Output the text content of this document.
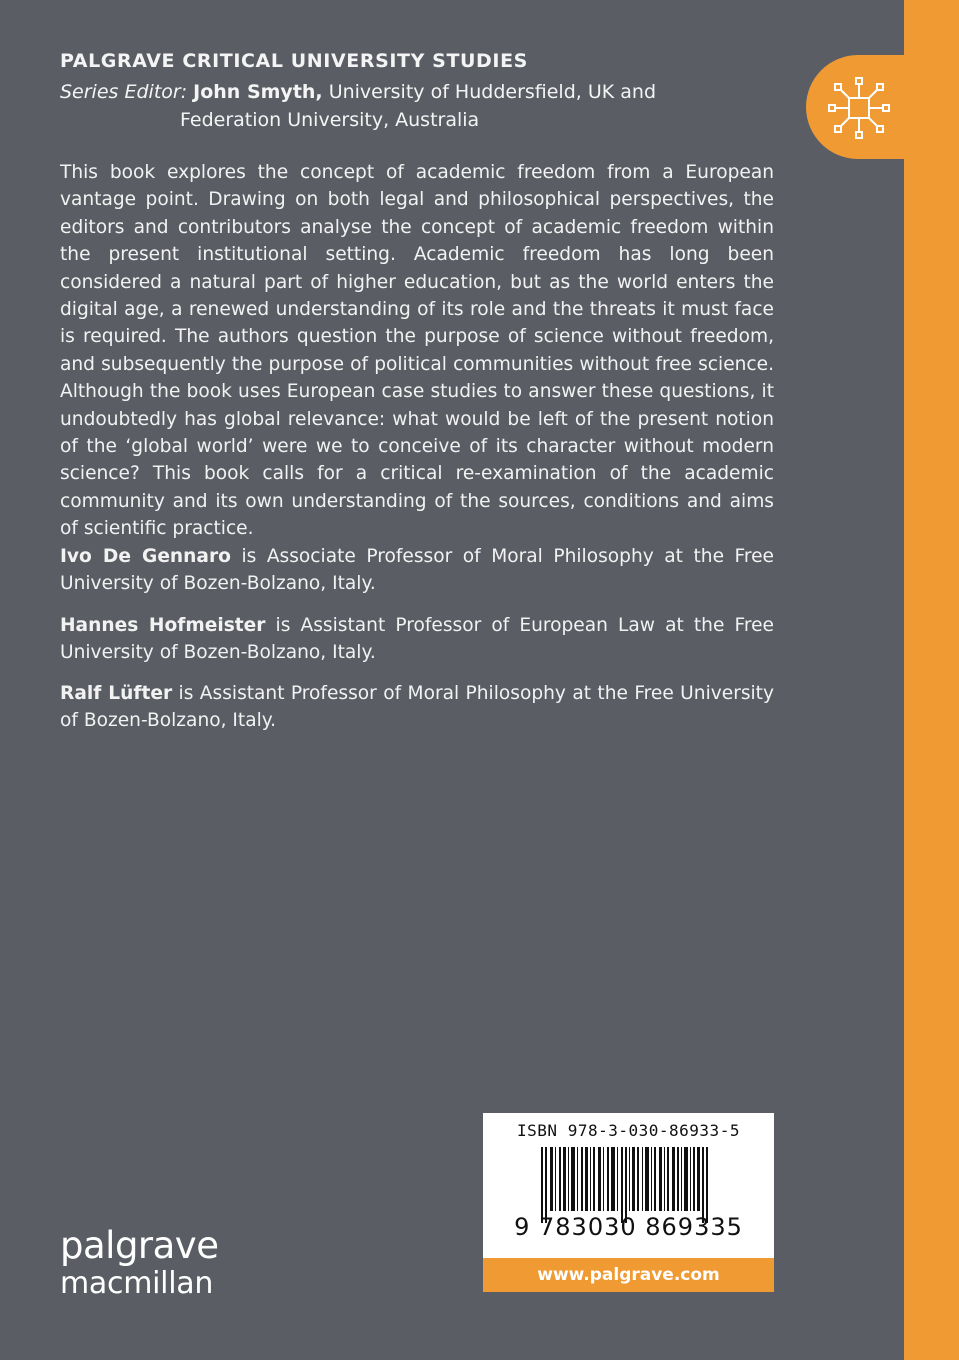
PALGRAVE CRITICAL UNIVERSITY STUDIES
Series Editor: John Smyth, University of Huddersfield, UK and
Federation University, Australia

This book explores the concept of academic freedom from a European vantage point. Drawing on both legal and philosophical perspectives, the editors and contributors analyse the concept of academic freedom within the present institutional setting. Academic freedom has long been considered a natural part of higher education, but as the world enters the digital age, a renewed understanding of its role and the threats it must face is required. The authors question the purpose of science without freedom, and subsequently the purpose of political communities without free science. Although the book uses European case studies to answer these questions, it undoubtedly has global relevance: what would be left of the present notion of the ‘global world’ were we to conceive of its character without modern science? This book calls for a critical re-examination of the academic community and its own understanding of the sources, conditions and aims of scientific practice.

Ivo De Gennaro is Associate Professor of Moral Philosophy at the Free University of Bozen-Bolzano, Italy.

Hannes Hofmeister is Assistant Professor of European Law at the Free University of Bozen-Bolzano, Italy.

Ralf Lüfter is Assistant Professor of Moral Philosophy at the Free University of Bozen-Bolzano, Italy.

ISBN 978-3-030-86933-5
9 783030 869335
www.palgrave.com
palgrave
macmillan
